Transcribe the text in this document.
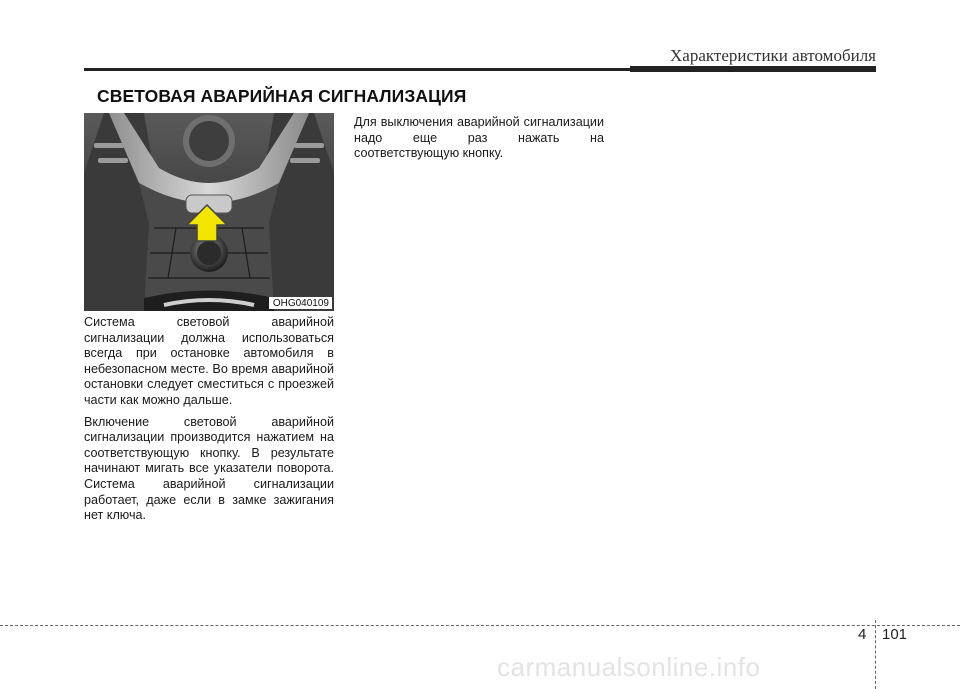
Характеристики автомобиля
СВЕТОВАЯ АВАРИЙНАЯ СИГНАЛИЗАЦИЯ
OHG040109

Система световой аварийной сигнализации должна использоваться всегда при остановке автомобиля в небезопасном месте. Во время аварийной остановки следует сместиться с проезжей части как можно дальше.

Включение световой аварийной сигнализации производится нажатием на соответствующую кнопку. В результате начинают мигать все указатели поворота. Система аварийной сигнализации работает, даже если в замке зажигания нет ключа.

Для выключения аварийной сигнализации надо еще раз нажать на соответствующую кнопку.

4 101
carmanualsonline.info
